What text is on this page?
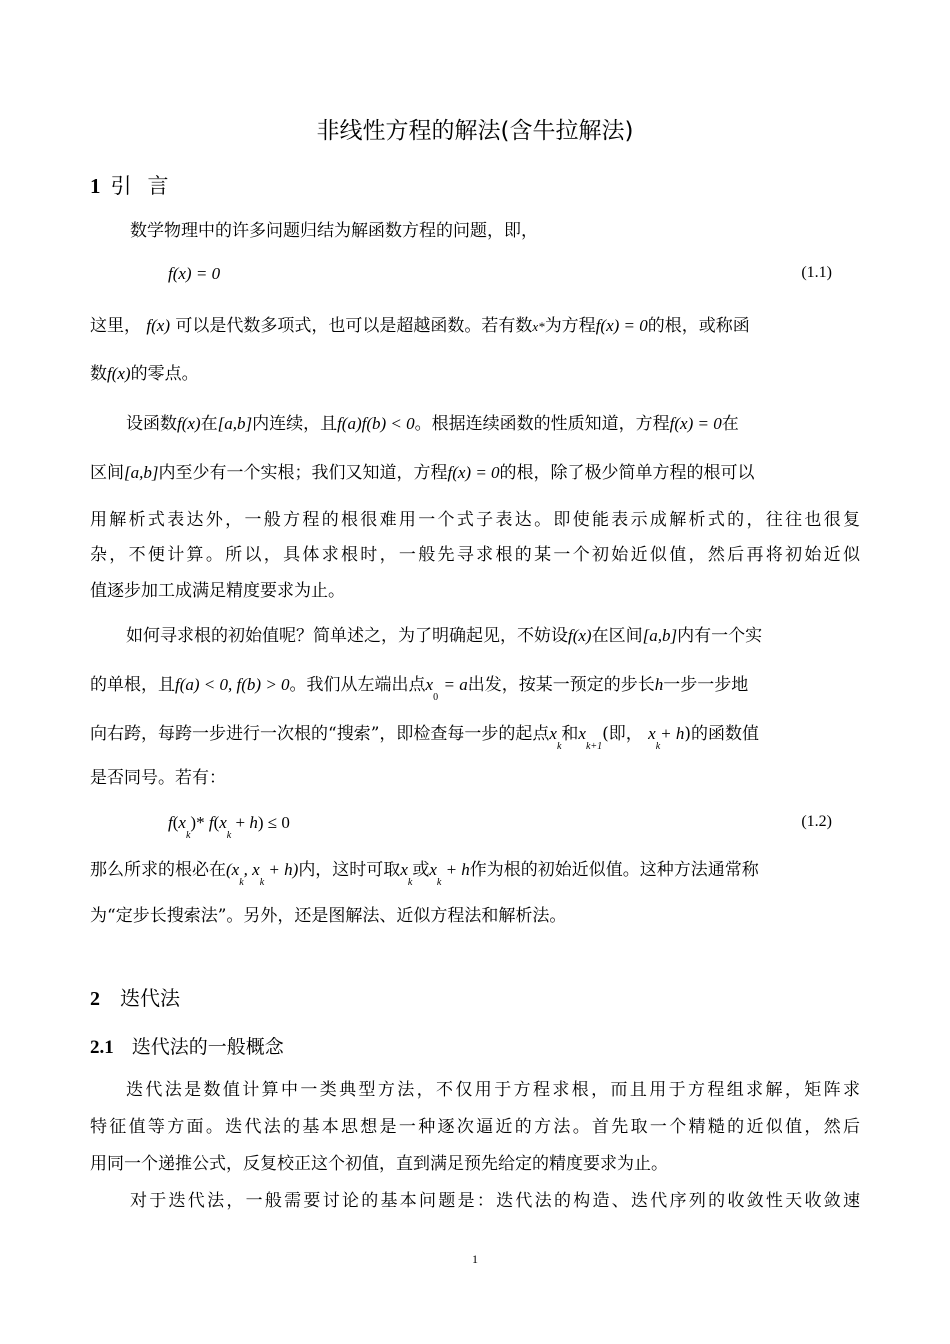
非线性方程的解法(含牛拉解法)
1 引言
数学物理中的许多问题归结为解函数方程的问题，即，
f(x) = 0	(1.1)
这里， f(x) 可以是代数多项式，也可以是超越函数。若有数x*为方程f(x) = 0的根，或称函
数f(x)的零点。
设函数f(x)在[a,b]内连续，且f(a)f(b) < 0。根据连续函数的性质知道，方程f(x) = 0在
区间[a,b]内至少有一个实根；我们又知道，方程f(x) = 0的根，除了极少简单方程的根可以
用解析式表达外，一般方程的根很难用一个式子表达。即使能表示成解析式的，往往也很复
杂，不便计算。所以，具体求根时，一般先寻求根的某一个初始近似值，然后再将初始近似
值逐步加工成满足精度要求为止。
如何寻求根的初始值呢？简单述之，为了明确起见，不妨设f(x)在区间[a,b]内有一个实
的单根，且f(a) < 0, f(b) > 0。我们从左端出点$x_0 = a$出发，按某一预定的步长h一步一步地
向右跨，每跨一步进行一次根的“搜索”，即检查每一步的起点$x_k$和$x_{k+1}$(即， $x_k+ h$)的函数值
是否同号。若有：
$f(x_k)*$ $f(x_k + h) \le 0$	(1.2)
那么所求的根必在($x_k$, $x_k + h$)内，这时可取$x_k$或$x_k + h$作为根的初始近似值。这种方法通常称
为“定步长搜索法”。另外，还是图解法、近似方程法和解析法。
2 迭代法
2.1 迭代法的一般概念
迭代法是数值计算中一类典型方法，不仅用于方程求根，而且用于方程组求解，矩阵求
特征值等方面。迭代法的基本思想是一种逐次逼近的方法。首先取一个精糙的近似值，然后
用同一个递推公式，反复校正这个初值，直到满足预先给定的精度要求为止。
对于迭代法，一般需要讨论的基本问题是：迭代法的构造、迭代序列的收敛性天收敛速
1
